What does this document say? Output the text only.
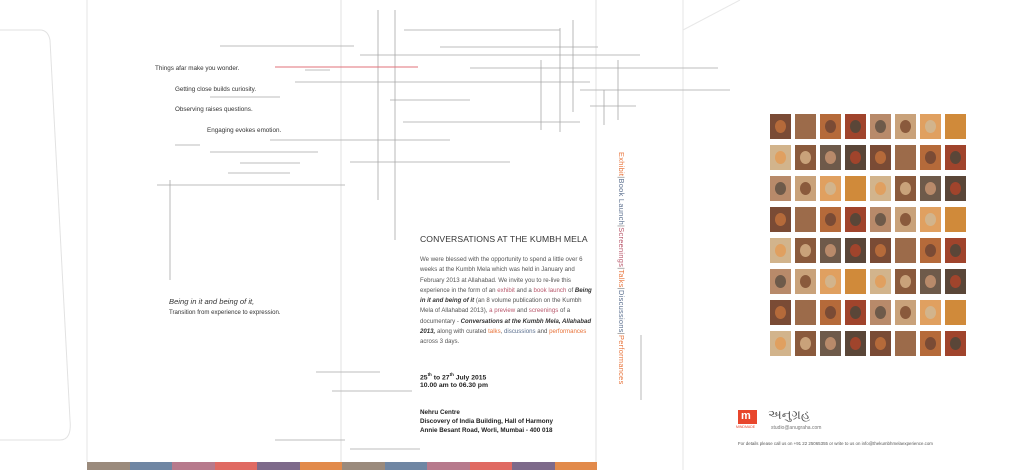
Things afar make you wonder.
Getting close builds curiosity.
Observing raises questions.
Engaging evokes emotion.
Being in it and being of it,
Transition from experience to expression.
CONVERSATIONS AT THE KUMBH MELA
We were blessed with the opportunity to spend a little over 6 weeks at the Kumbh Mela which was held in January and February 2013 at Allahabad. We invite you to re-live this experience in the form of an exhibit and a book launch of Being in it and being of it (an 8 volume publication on the Kumbh Mela of Allahabad 2013), a preview and screenings of a documentary - Conversations at the Kumbh Mela, Allahabad 2013, along with curated talks, discussions and performances across 3 days.
25th to 27th July 2015
10.00 am to 06.30 pm
Nehru Centre
Discovery of India Building, Hall of Harmony
Annie Besant Road, Worli, Mumbai - 400 018
Exhibit|Book Launch|Screenings|Talks|Discussions|Performances
m
MINDMADE
અનુગ્રહ
studio@anugraha.com
For details please call us on +91 22 25065355 or write to us on info@thekumbhmelaexperience.com
